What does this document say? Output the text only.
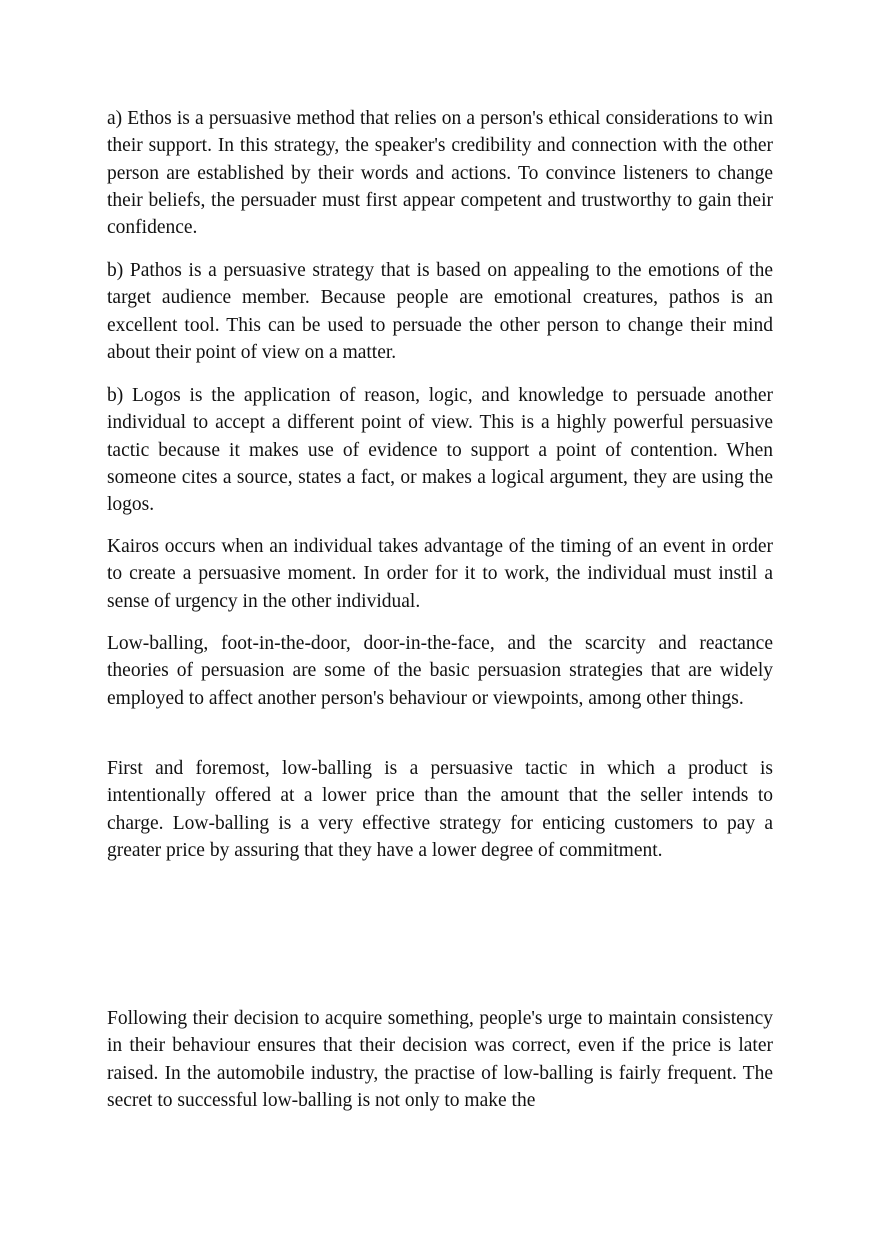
a) Ethos is a persuasive method that relies on a person's ethical considerations to win their support. In this strategy, the speaker's credibility and connection with the other person are established by their words and actions. To convince listeners to change their beliefs, the persuader must first appear competent and trustworthy to gain their confidence.

b) Pathos is a persuasive strategy that is based on appealing to the emotions of the target audience member. Because people are emotional creatures, pathos is an excellent tool. This can be used to persuade the other person to change their mind about their point of view on a matter.

b) Logos is the application of reason, logic, and knowledge to persuade another individual to accept a different point of view. This is a highly powerful persuasive tactic because it makes use of evidence to support a point of contention. When someone cites a source, states a fact, or makes a logical argument, they are using the logos.

Kairos occurs when an individual takes advantage of the timing of an event in order to create a persuasive moment. In order for it to work, the individual must instil a sense of urgency in the other individual.

Low-balling, foot-in-the-door, door-in-the-face, and the scarcity and reactance theories of persuasion are some of the basic persuasion strategies that are widely employed to affect another person's behaviour or viewpoints, among other things.

First and foremost, low-balling is a persuasive tactic in which a product is intentionally offered at a lower price than the amount that the seller intends to charge. Low-balling is a very effective strategy for enticing customers to pay a greater price by assuring that they have a lower degree of commitment.

Following their decision to acquire something, people's urge to maintain consistency in their behaviour ensures that their decision was correct, even if the price is later raised. In the automobile industry, the practise of low-balling is fairly frequent. The secret to successful low-balling is not only to make the
